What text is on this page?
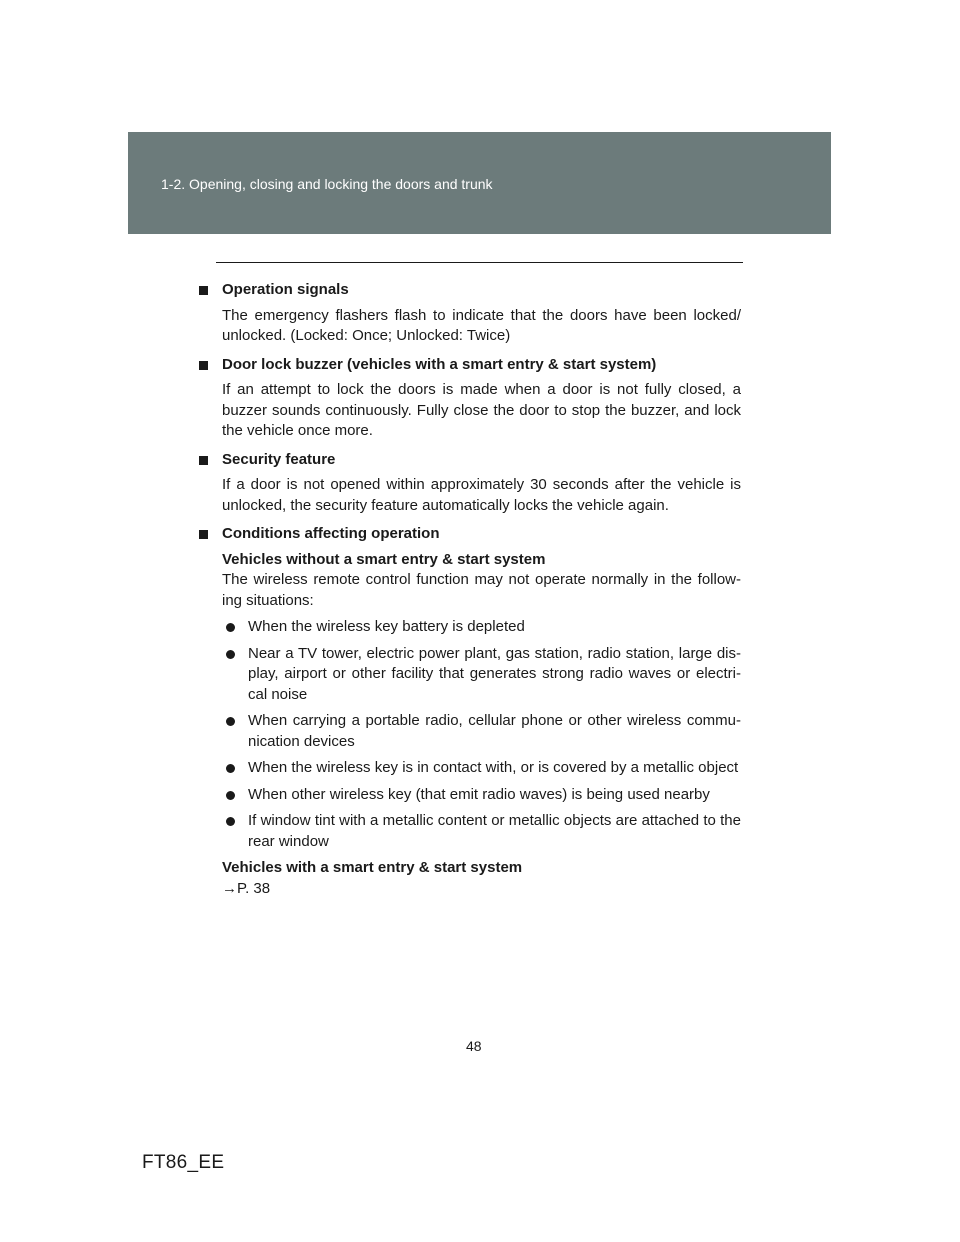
1-2. Opening, closing and locking the doors and trunk

Operation signals

The emergency flashers flash to indicate that the doors have been locked/ unlocked. (Locked: Once; Unlocked: Twice)

Door lock buzzer (vehicles with a smart entry & start system)

If an attempt to lock the doors is made when a door is not fully closed, a buzzer sounds continuously. Fully close the door to stop the buzzer, and lock the vehicle once more.

Security feature

If a door is not opened within approximately 30 seconds after the vehicle is unlocked, the security feature automatically locks the vehicle again.

Conditions affecting operation

Vehicles without a smart entry & start system

The wireless remote control function may not operate normally in the follow-ing situations:

When the wireless key battery is depleted
Near a TV tower, electric power plant, gas station, radio station, large dis-play, airport or other facility that generates strong radio waves or electri-cal noise
When carrying a portable radio, cellular phone or other wireless commu-nication devices
When the wireless key is in contact with, or is covered by a metallic object
When other wireless key (that emit radio waves) is being used nearby
If window tint with a metallic content or metallic objects are attached to the rear window

Vehicles with a smart entry & start system

→P. 38

48
FT86_EE
